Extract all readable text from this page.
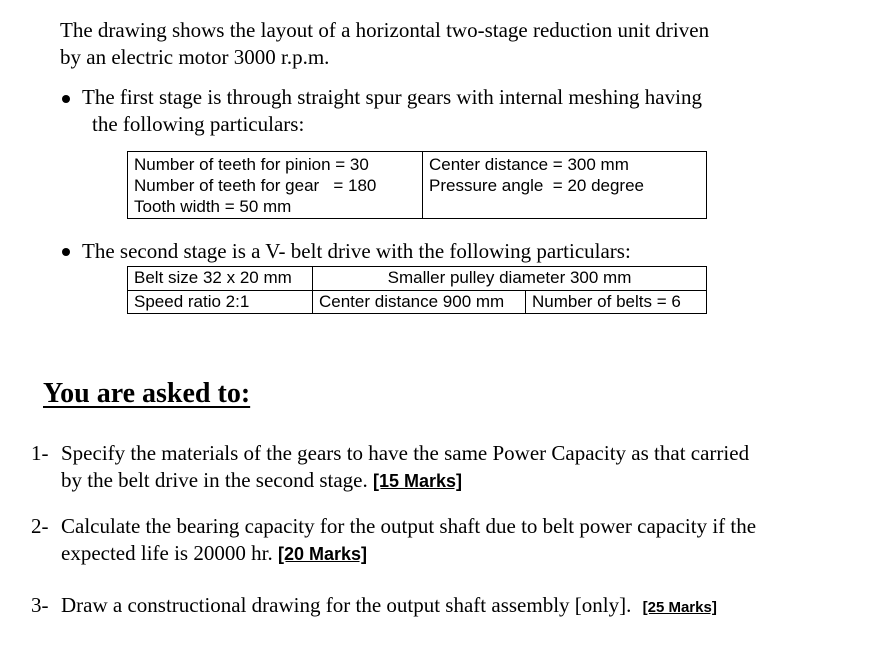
The drawing shows the layout of a horizontal two-stage reduction unit driven
by an electric motor 3000 r.p.m.
The first stage is through straight spur gears with internal meshing having
the following particulars:
Number of teeth for pinion = 30
Number of teeth for gear   = 180
Tooth width = 50 mm

Center distance = 300 mm
Pressure angle  = 20 degree
The second stage is a V- belt drive with the following particulars:
Belt size 32 x 20 mm	Smaller pulley diameter 300 mm	
Speed ratio 2:1	Center distance 900 mm	Number of belts = 6
You are asked to:
1- Specify the materials of the gears to have the same Power Capacity as that carried
by the belt drive in the second stage. [15 Marks]
2- Calculate the bearing capacity for the output shaft due to belt power capacity if the
expected life is 20000 hr. [20 Marks]
3- Draw a constructional drawing for the output shaft assembly [only]. [25 Marks]
